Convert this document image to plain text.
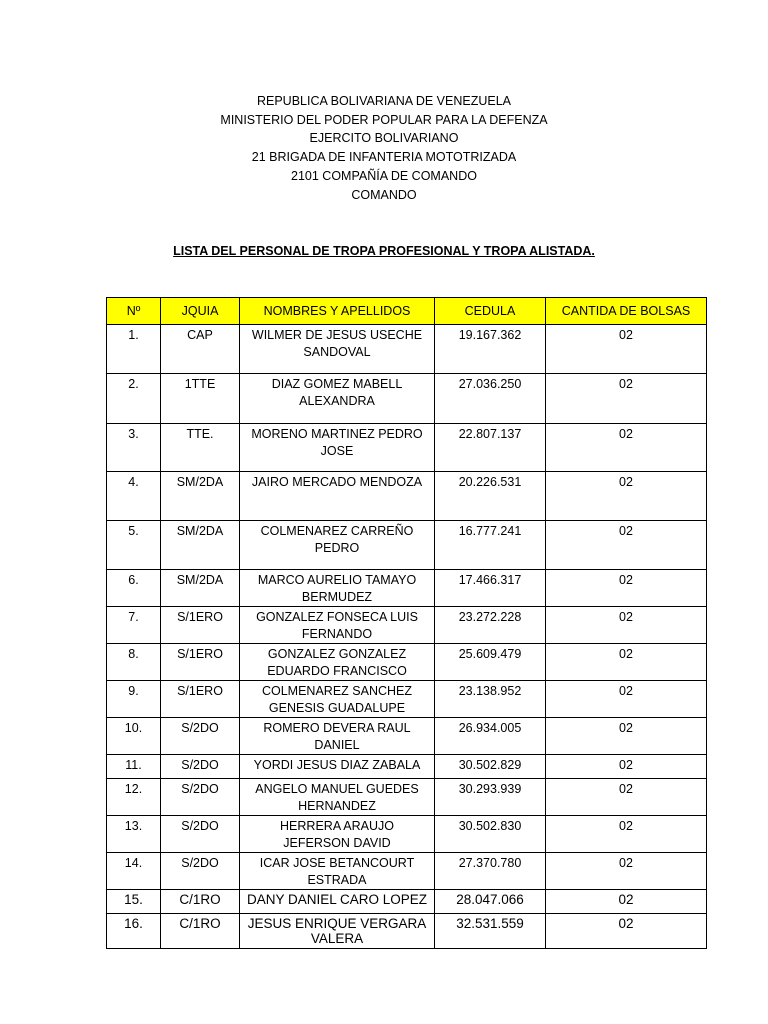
REPUBLICA BOLIVARIANA DE VENEZUELA
MINISTERIO DEL PODER POPULAR PARA LA DEFENZA
EJERCITO BOLIVARIANO
21 BRIGADA DE INFANTERIA MOTOTRIZADA
2101 COMPAÑÍA DE COMANDO
COMANDO
LISTA DEL PERSONAL DE TROPA PROFESIONAL Y TROPA ALISTADA.
Nº	JQUIA	NOMBRES Y APELLIDOS	CEDULA	CANTIDA DE BOLSAS
1.	CAP	WILMER DE JESUS USECHE SANDOVAL	19.167.362	02
2.	1TTE	DIAZ GOMEZ MABELL ALEXANDRA	27.036.250	02
3.	TTE.	MORENO MARTINEZ PEDRO JOSE	22.807.137	02
4.	SM/2DA	JAIRO MERCADO MENDOZA	20.226.531	02
5.	SM/2DA	COLMENAREZ CARREÑO PEDRO	16.777.241	02
6.	SM/2DA	MARCO AURELIO TAMAYO BERMUDEZ	17.466.317	02
7.	S/1ERO	GONZALEZ FONSECA LUIS FERNANDO	23.272.228	02
8.	S/1ERO	GONZALEZ GONZALEZ EDUARDO FRANCISCO	25.609.479	02
9.	S/1ERO	COLMENAREZ SANCHEZ GENESIS GUADALUPE	23.138.952	02
10.	S/2DO	ROMERO DEVERA RAUL DANIEL	26.934.005	02
11.	S/2DO	YORDI JESUS DIAZ ZABALA	30.502.829	02
12.	S/2DO	ANGELO MANUEL GUEDES HERNANDEZ	30.293.939	02
13.	S/2DO	HERRERA ARAUJO JEFERSON DAVID	30.502.830	02
14.	S/2DO	ICAR JOSE BETANCOURT ESTRADA	27.370.780	02
15.	C/1RO	DANY DANIEL CARO LOPEZ	28.047.066	02
16.	C/1RO	JESUS ENRIQUE VERGARA VALERA	32.531.559	02
